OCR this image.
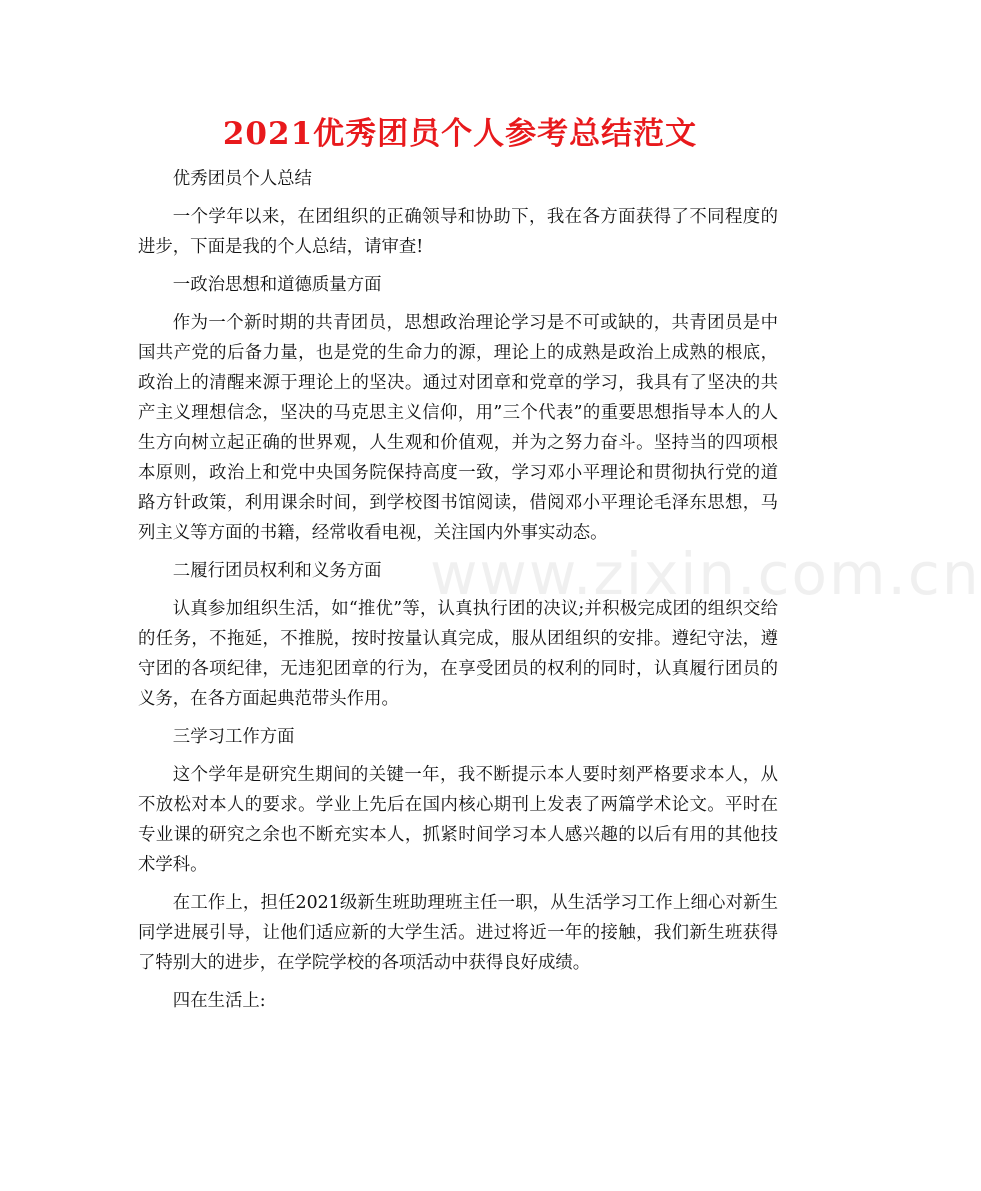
2021优秀团员个人参考总结范文

优秀团员个人总结

一个学年以来，在团组织的正确领导和协助下，我在各方面获得了不同程度的进步，下面是我的个人总结，请审查!

一政治思想和道德质量方面

作为一个新时期的共青团员，思想政治理论学习是不可或缺的，共青团员是中国共产党的后备力量，也是党的生命力的源，理论上的成熟是政治上成熟的根底，政治上的清醒来源于理论上的坚决。通过对团章和党章的学习，我具有了坚决的共产主义理想信念，坚决的马克思主义信仰，用”三个代表”的重要思想指导本人的人生方向树立起正确的世界观，人生观和价值观，并为之努力奋斗。坚持当的四项根本原则，政治上和党中央国务院保持高度一致，学习邓小平理论和贯彻执行党的道路方针政策，利用课余时间，到学校图书馆阅读，借阅邓小平理论毛泽东思想，马列主义等方面的书籍，经常收看电视，关注国内外事实动态。

二履行团员权利和义务方面

认真参加组织生活，如“推优”等，认真执行团的决议;并积极完成团的组织交给的任务，不拖延，不推脱，按时按量认真完成，服从团组织的安排。遵纪守法，遵守团的各项纪律，无违犯团章的行为，在享受团员的权利的同时，认真履行团员的义务，在各方面起典范带头作用。

三学习工作方面

这个学年是研究生期间的关键一年，我不断提示本人要时刻严格要求本人，从不放松对本人的要求。学业上先后在国内核心期刊上发表了两篇学术论文。平时在专业课的研究之余也不断充实本人，抓紧时间学习本人感兴趣的以后有用的其他技术学科。

在工作上，担任2021级新生班助理班主任一职，从生活学习工作上细心对新生同学进展引导，让他们适应新的大学生活。进过将近一年的接触，我们新生班获得了特别大的进步，在学院学校的各项活动中获得良好成绩。

四在生活上:

www.zixin.com.cn
